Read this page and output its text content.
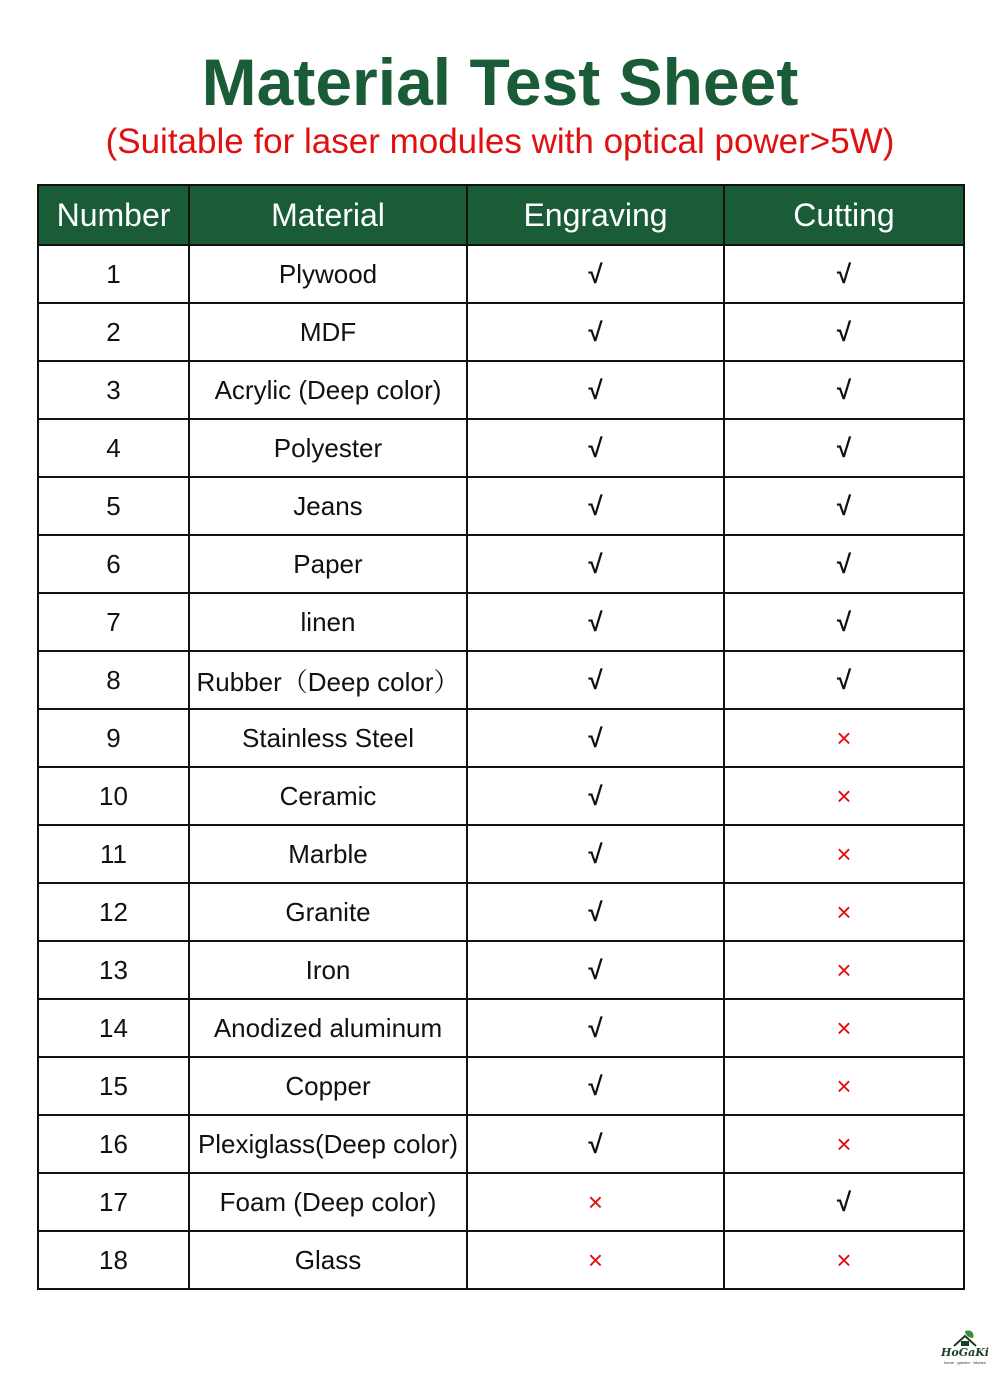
Material Test Sheet
(Suitable for laser modules with optical power>5W)
Number	Material	Engraving	Cutting
1	Plywood	√	√
2	MDF	√	√
3	Acrylic (Deep color)	√	√
4	Polyester	√	√
5	Jeans	√	√
6	Paper	√	√
7	linen	√	√
8	Rubber（Deep color）	√	√
9	Stainless Steel	√	×
10	Ceramic	√	×
11	Marble	√	×
12	Granite	√	×
13	Iron	√	×
14	Anodized aluminum	√	×
15	Copper	√	×
16	Plexiglass(Deep color)	√	×
17	Foam (Deep color)	×	√
18	Glass	×	×
HoGaKi
home · garden · kitchen
